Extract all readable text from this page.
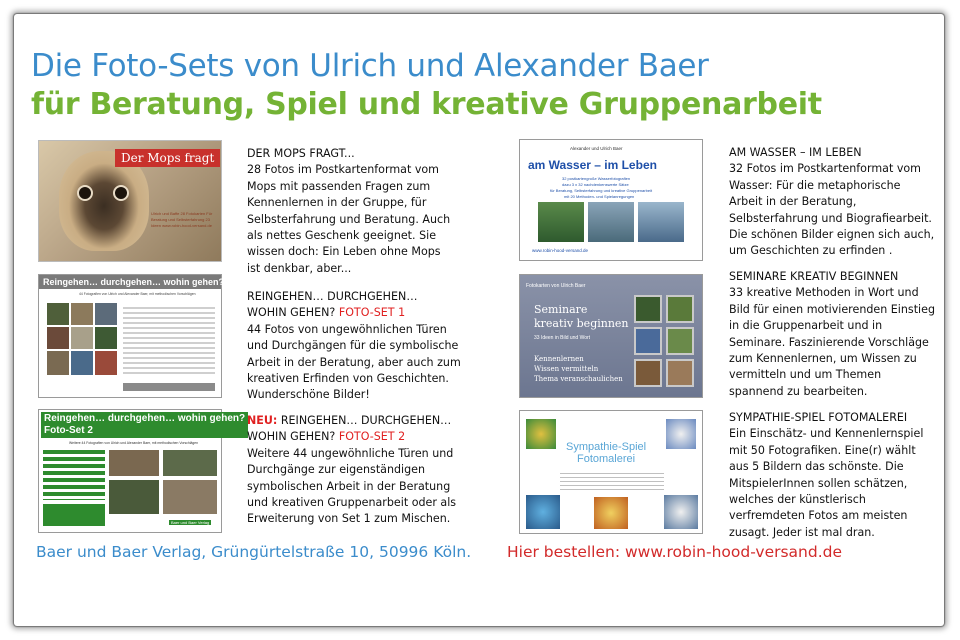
Die Foto-Sets von Ulrich und Alexander Baer
für Beratung, Spiel und kreative Gruppenarbeit
Der Mops fragt
Ulrich und Baffe 28 Fotokarten Für Beratung und Selbsterfahrung 23 Ideen www.robin-hood-versand.de
DER MOPS FRAGT...
28 Fotos im Postkartenformat vom Mops mit passenden Fragen zum Kennenlernen in der Gruppe, für Selbsterfahrung und Beratung. Auch als nettes Geschenk geeignet. Sie wissen doch: Ein Leben ohne Mops ist denkbar, aber...
Reingehen… durchgehen… wohin gehen?
44 Fotografien von Ulrich und Alexander Baer, mit methodischen Vorschlägen	REINGEHEN… DURCHGEHEN…
WOHIN GEHEN? FOTO-SET 1
44 Fotos von ungewöhnlichen Türen und Durchgängen für die symbolische Arbeit in der Beratung, aber auch zum kreativen Erfinden von Geschichten. Wunderschöne Bilder!
Reingehen… durchgehen… wohin gehen?
Foto-Set 2
Weitere 44 Fotografien von Ulrich und Alexander Baer, mit methodischen Vorschlägen
Baer und Baer Verlag
NEU: REINGEHEN… DURCHGEHEN…
WOHIN GEHEN? FOTO-SET 2
Weitere 44 ungewöhnliche Türen und Durchgänge zur eigenständigen symbolischen Arbeit in der Beratung und kreativen Gruppenarbeit oder als Erweiterung von Set 1 zum Mischen.
Alexander und Ulrich Baer
am Wasser – im Leben
32 postkartengroße Wasserfotografien
dazu 3 x 32 nachdenkenswerte Sätze
für Beratung, Selbsterfahrung und kreative Gruppenarbeit
mit 20 Methoden- und Spielanregungen
www.robin-hood-versand.de
AM WASSER – IM LEBEN
32 Fotos im Postkartenformat vom Wasser: Für die metaphorische Arbeit in der Beratung, Selbsterfahrung und Biografiearbeit. Die schönen Bilder eignen sich auch, um Geschichten zu erfinden .
Fotokarten von Ulrich Baer
Seminare
kreativ beginnen
33 Ideen in Bild und Wort
Kennenlernen
Wissen vermitteln
Thema veranschaulichen
SEMINARE KREATIV BEGINNEN
33 kreative Methoden in Wort und Bild für einen motivierenden Einstieg in die Gruppenarbeit und in Seminare. Faszinierende Vorschläge zum Kennenlernen, um Wissen zu vermitteln und um Themen spannend zu bearbeiten.
Sympathie-Spiel
Fotomalerei
SYMPATHIE-SPIEL FOTOMALEREI
Ein Einschätz- und Kennenlernspiel mit 50 Fotografiken. Eine(r) wählt aus 5 Bildern das schönste. Die MitspielerInnen sollen schätzen, welches der künstlerisch verfremdeten Fotos am meisten zusagt. Jeder ist mal dran.
Baer und Baer Verlag, Grüngürtelstraße 10, 50996 Köln. Hier bestellen: www.robin-hood-versand.de
